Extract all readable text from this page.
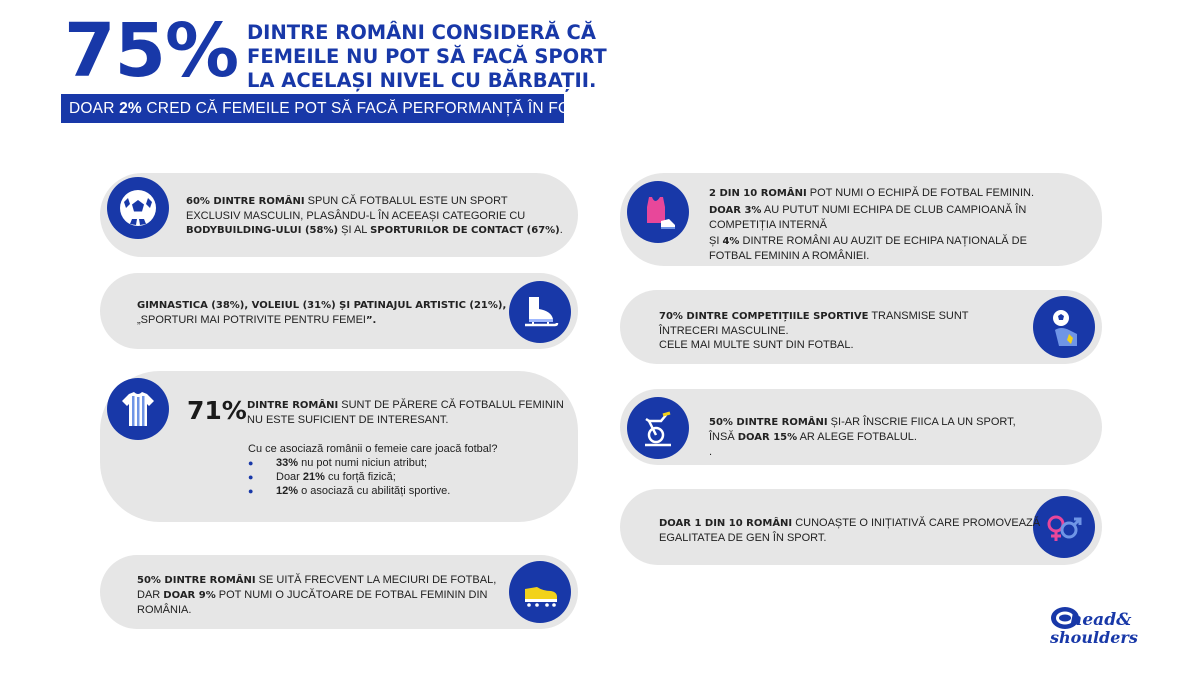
75% DINTRE ROMÂNI CONSIDERĂ CĂ
FEMEILE NU POT SĂ FACĂ SPORT
LA ACELAȘI NIVEL CU BĂRBAȚII.
DOAR 2% CRED CĂ FEMEILE POT SĂ FACĂ PERFORMANȚĂ ÎN FOTBAL.
60% DINTRE ROMÂNI SPUN CĂ FOTBALUL ESTE UN SPORT
EXCLUSIV MASCULIN, PLASÂNDU-L ÎN ACEEAȘI CATEGORIE CU
BODYBUILDING-ULUI (58%) ȘI AL SPORTURILOR DE CONTACT (67%).
GIMNASTICA (38%), VOLEIUL (31%) ȘI PATINAJUL ARTISTIC (21%),
„SPORTURI MAI POTRIVITE PENTRU FEMEI”.
71% DINTRE ROMÂNI SUNT DE PĂRERE CĂ FOTBALUL FEMININ
NU ESTE SUFICIENT DE INTERESANT.
Cu ce asociază românii o femeie care joacă fotbal?
● 33% nu pot numi niciun atribut;
● Doar 21% cu forță fizică;
● 12% o asociază cu abilități sportive.
50% DINTRE ROMÂNI SE UITĂ FRECVENT LA MECIURI DE FOTBAL,
DAR DOAR 9% POT NUMI O JUCĂTOARE DE FOTBAL FEMININ DIN
ROMÂNIA.
2 DIN 10 ROMÂNI POT NUMI O ECHIPĂ DE FOTBAL FEMININ.
DOAR 3% AU PUTUT NUMI ECHIPA DE CLUB CAMPIOANĂ ÎN
COMPETIȚIA INTERNĂ
ȘI 4% DINTRE ROMÂNI AU AUZIT DE ECHIPA NAȚIONALĂ DE
FOTBAL FEMININ A ROMÂNIEI.
70% DINTRE COMPETIȚIILE SPORTIVE TRANSMISE SUNT
ÎNTRECERI MASCULINE.
CELE MAI MULTE SUNT DIN FOTBAL.
50% DINTRE ROMÂNI ȘI-AR ÎNSCRIE FIICA LA UN SPORT,
ÎNSĂ DOAR 15% AR ALEGE FOTBALUL.
.
DOAR 1 DIN 10 ROMÂNI CUNOAȘTE O INIȚIATIVĂ CARE PROMOVEAZĂ
EGALITATEA DE GEN ÎN SPORT.
head&
shoulders
